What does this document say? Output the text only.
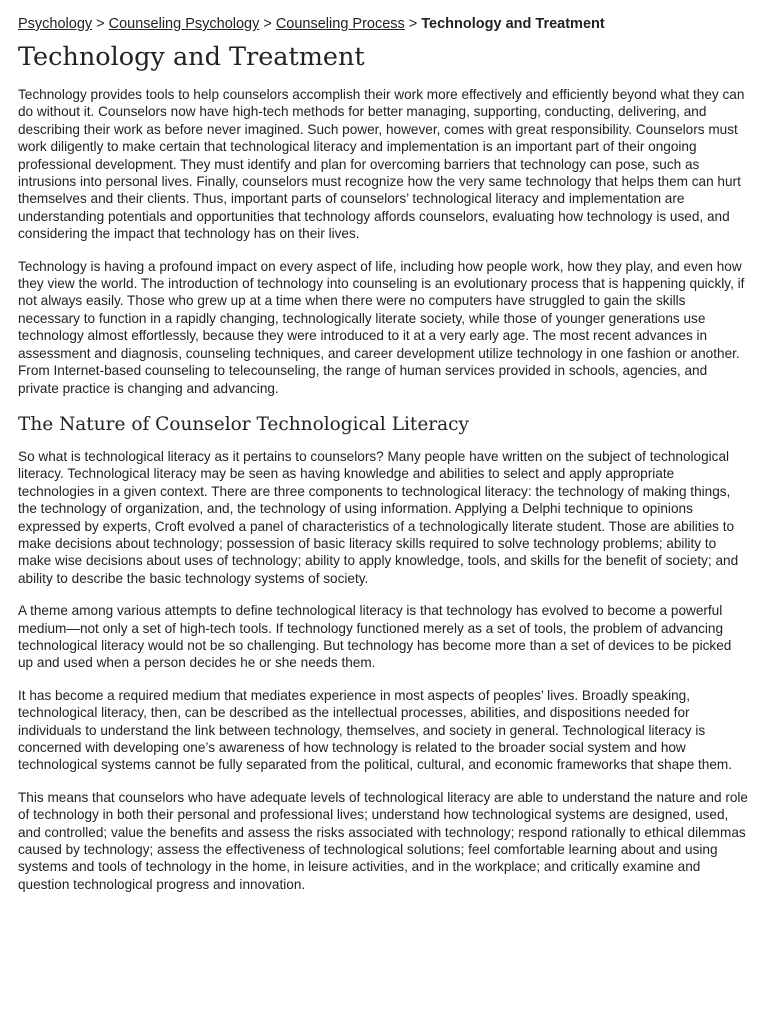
Psychology > Counseling Psychology > Counseling Process > Technology and Treatment
Technology and Treatment

Technology provides tools to help counselors accomplish their work more effectively and efficiently beyond what they can do without it. Counselors now have high-tech methods for better managing, supporting, conducting, delivering, and describing their work as before never imagined. Such power, however, comes with great responsibility. Counselors must work diligently to make certain that technological literacy and implementation is an important part of their ongoing professional development. They must identify and plan for overcoming barriers that technology can pose, such as intrusions into personal lives. Finally, counselors must recognize how the very same technology that helps them can hurt themselves and their clients. Thus, important parts of counselors’ technological literacy and implementation are understanding potentials and opportunities that technology affords counselors, evaluating how technology is used, and considering the impact that technology has on their lives.

Technology is having a profound impact on every aspect of life, including how people work, how they play, and even how they view the world. The introduction of technology into counseling is an evolutionary process that is happening quickly, if not always easily. Those who grew up at a time when there were no computers have struggled to gain the skills necessary to function in a rapidly changing, technologically literate society, while those of younger generations use technology almost effortlessly, because they were introduced to it at a very early age. The most recent advances in assessment and diagnosis, counseling techniques, and career development utilize technology in one fashion or another. From Internet-based counseling to telecounseling, the range of human services provided in schools, agencies, and private practice is changing and advancing.

The Nature of Counselor Technological Literacy

So what is technological literacy as it pertains to counselors? Many people have written on the subject of technological literacy. Technological literacy may be seen as having knowledge and abilities to select and apply appropriate technologies in a given context. There are three components to technological literacy: the technology of making things, the technology of organization, and, the technology of using information. Applying a Delphi technique to opinions expressed by experts, Croft evolved a panel of characteristics of a technologically literate student. Those are abilities to make decisions about technology; possession of basic literacy skills required to solve technology problems; ability to make wise decisions about uses of technology; ability to apply knowledge, tools, and skills for the benefit of society; and ability to describe the basic technology systems of society.

A theme among various attempts to define technological literacy is that technology has evolved to become a powerful medium—not only a set of high-tech tools. If technology functioned merely as a set of tools, the problem of advancing technological literacy would not be so challenging. But technology has become more than a set of devices to be picked up and used when a person decides he or she needs them.

It has become a required medium that mediates experience in most aspects of peoples’ lives. Broadly speaking, technological literacy, then, can be described as the intellectual processes, abilities, and dispositions needed for individuals to understand the link between technology, themselves, and society in general. Technological literacy is concerned with developing one’s awareness of how technology is related to the broader social system and how technological systems cannot be fully separated from the political, cultural, and economic frameworks that shape them.

This means that counselors who have adequate levels of technological literacy are able to understand the nature and role of technology in both their personal and professional lives; understand how technological systems are designed, used, and controlled; value the benefits and assess the risks associated with technology; respond rationally to ethical dilemmas caused by technology; assess the effectiveness of technological solutions; feel comfortable learning about and using systems and tools of technology in the home, in leisure activities, and in the workplace; and critically examine and question technological progress and innovation.
